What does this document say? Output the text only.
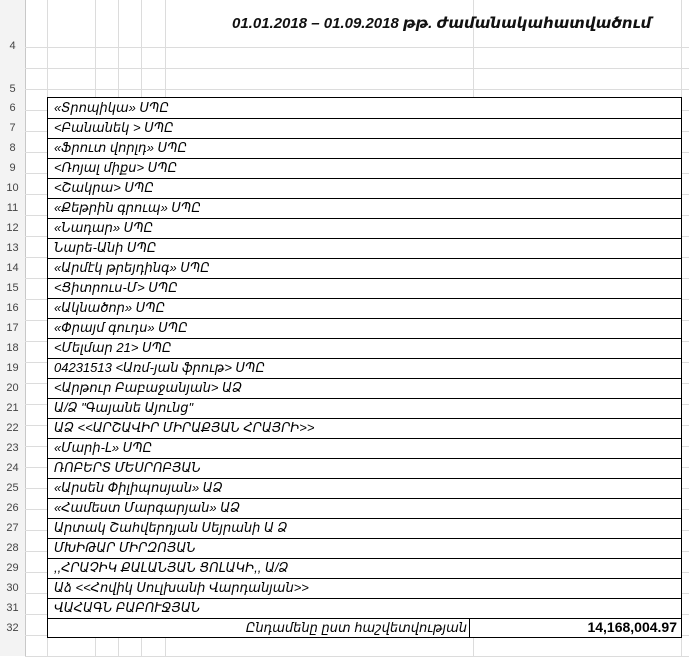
4
5
6
7
8
9
10
11
12
13
14
15
16
17
18
19
20
21
22
23
24
25
26
27
28
29
30
31
32
01.01.2018 – 01.09.2018 թթ. ժամանակահատվածում
«Տրոպիկա» ՍՊԸ
<Բանանեկ > ՍՊԸ
«Ֆրուտ վորլդ» ՍՊԸ
<Ռոյալ միքս> ՍՊԸ
<Շակրա> ՍՊԸ
«Քեթրին գրուպ» ՍՊԸ
«Նադար» ՍՊԸ
Նարե-Անի ՍՊԸ
«Արմէկ թրեյդինգ» ՍՊԸ
<Ցիտրուս-Մ> ՍՊԸ
«Ակնածոր» ՍՊԸ
«Փրայմ գուդս» ՍՊԸ
<Մելմար 21> ՍՊԸ
04231513 <Առմ-յան ֆրութ> ՍՊԸ
<Արթուր Բաբաջանյան> ԱՁ
Ա/Ձ "Գայանե Այունց"
ԱՁ <<ԱՐՇԱՎԻՐ ՄԻՐԱՔՅԱՆ ՀՐԱՅՐԻ>>
«Մարի-Լ» ՍՊԸ
ՌՈԲԵՐՏ ՄԵՍՐՈԲՅԱՆ
«Արսեն Փիլիպոսյան» ԱՁ
«Համեստ Մարգարյան» ԱՁ
Արտակ Շահվերդյան Սեյրանի Ա Ձ
ՄԽԻԹԱՐ ՄԻՐԶՈՅԱՆ
,,ՀՐԱՉԻԿ ՔԱԼԱՆՅԱՆ ՑՈԼԱԿԻ,, Ա/Ձ
Աձ <<Հովիկ Սուլխանի Վարդանյան>>
ՎԱՀԱԳՆ ԲԱԲՈՒՋՅԱՆ
Ընդամենը ըստ հաշվետվության	14,168,004.97
